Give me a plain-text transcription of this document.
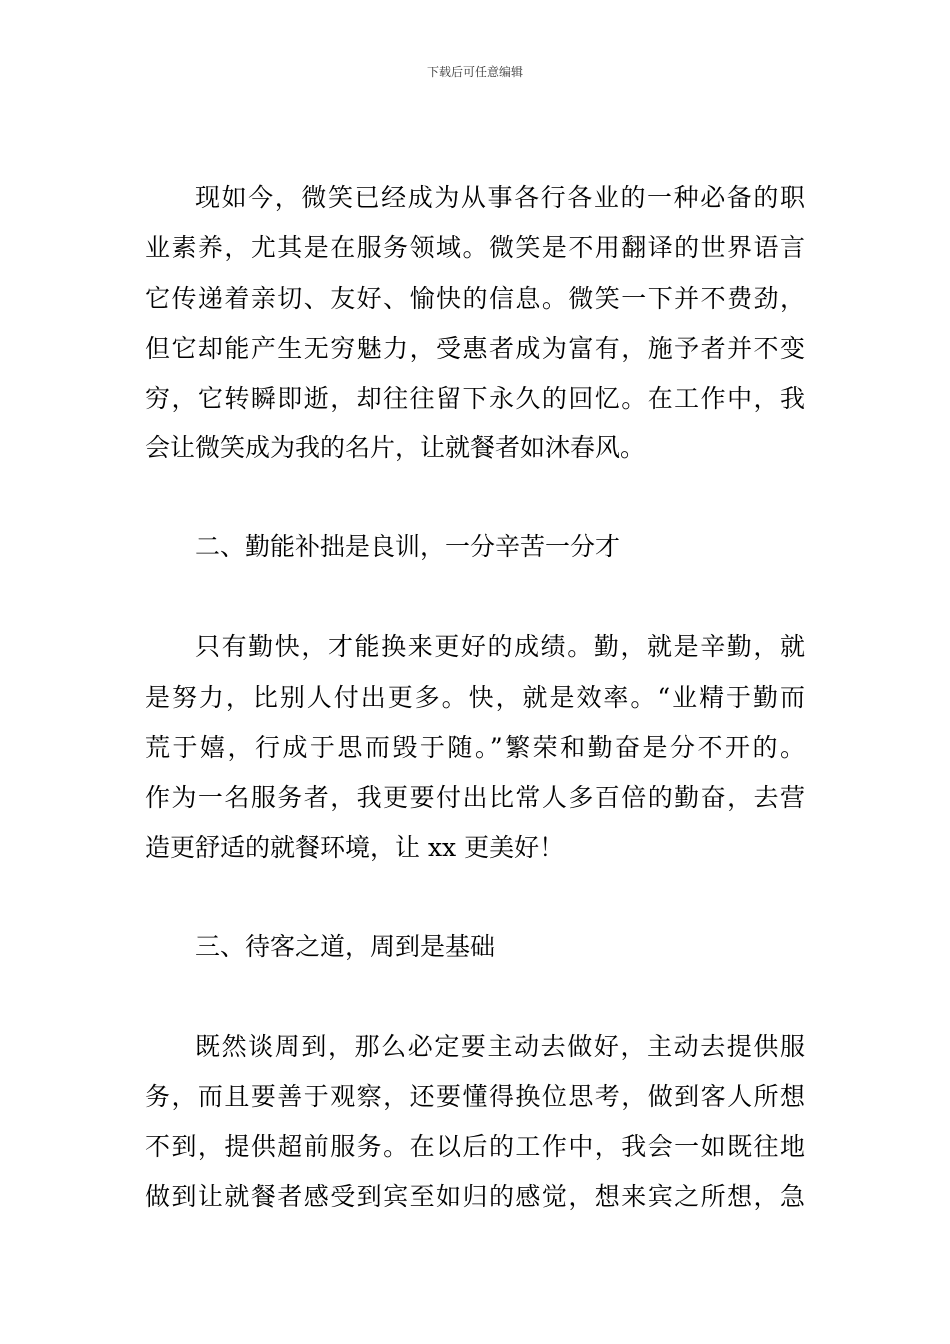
下载后可任意编辑
现如今，微笑已经成为从事各行各业的一种必备的职
业素养，尤其是在服务领域。微笑是不用翻译的世界语言
它传递着亲切、友好、愉快的信息。微笑一下并不费劲，
但它却能产生无穷魅力，受惠者成为富有，施予者并不变
穷，它转瞬即逝，却往往留下永久的回忆。在工作中，我
会让微笑成为我的名片，让就餐者如沐春风。
二、勤能补拙是良训，一分辛苦一分才
只有勤快，才能换来更好的成绩。勤，就是辛勤，就
是努力，比别人付出更多。快，就是效率。“业精于勤而
荒于嬉，行成于思而毁于随。”繁荣和勤奋是分不开的。
作为一名服务者，我更要付出比常人多百倍的勤奋，去营
造更舒适的就餐环境，让 xx 更美好！
三、待客之道，周到是基础
既然谈周到，那么必定要主动去做好，主动去提供服
务，而且要善于观察，还要懂得换位思考，做到客人所想
不到，提供超前服务。在以后的工作中，我会一如既往地
做到让就餐者感受到宾至如归的感觉，想来宾之所想，急
